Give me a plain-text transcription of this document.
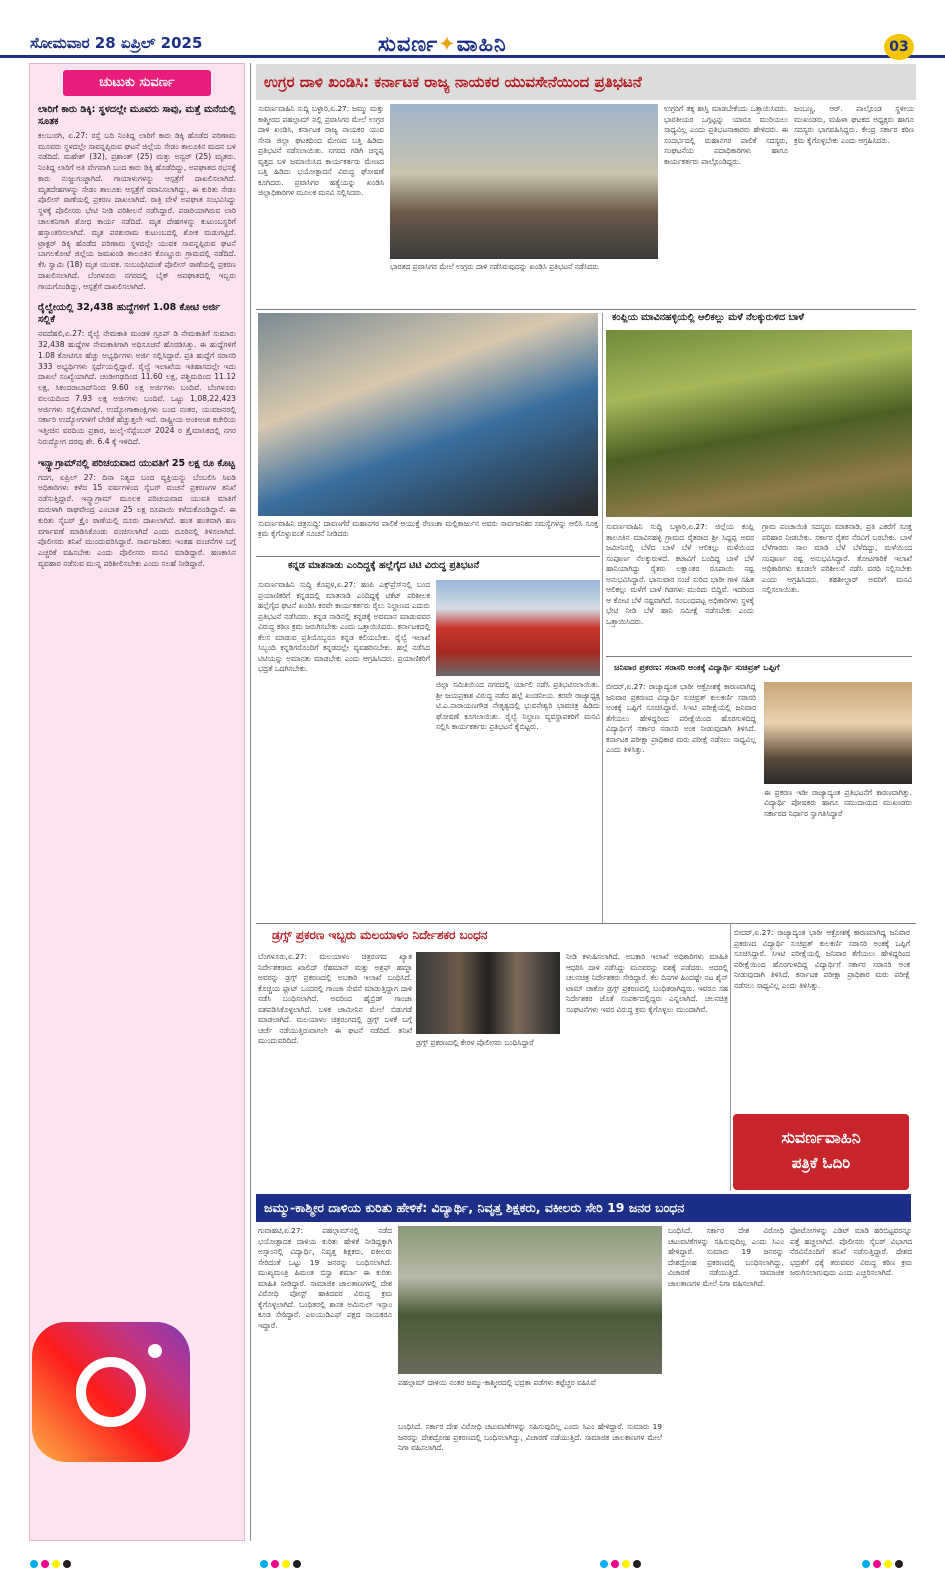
ಸೋಮವಾರ 28 ಏಪ್ರಿಲ್ 2025	ಸುವರ್ಣ✦ವಾಹಿನಿ	03
ಚುಟುಕು ಸುವರ್ಣ
ಲಾರಿಗೆ ಕಾರು ಡಿಕ್ಕಿ: ಸ್ಥಳದಲ್ಲೇ ಮೂವರು ಸಾವು, ಮತ್ತೆ ಮನೆಯಲ್ಲಿ ಸೂತಕ
ಕಲಬುರಗಿ, ಏ.27: ರಸ್ತೆ ಬದಿ ನಿಂತಿದ್ದ ಲಾರಿಗೆ ಕಾರು ಡಿಕ್ಕಿ ಹೊಡೆದ ಪರಿಣಾಮ ಮೂವರು ಸ್ಥಳದಲ್ಲೇ ಸಾವನ್ನಪ್ಪಿರುವ ಘಟನೆ ಜಿಲ್ಲೆಯ ಸೇಡಂ ತಾಲೂಕಿನ ಮದನ ಬಳಿ ನಡೆದಿದೆ. ಮಹೇಶ್ (32), ಪ್ರಶಾಂತ್ (25) ಮತ್ತು ಅನ್ವರ್ (25) ಮೃತರು. ನಿಂತಿದ್ದ ಲಾರಿಗೆ ಅತಿ ವೇಗವಾಗಿ ಬಂದ ಕಾರು ಡಿಕ್ಕಿ ಹೊಡೆದಿದ್ದು, ಅಪಘಾತದ ರಭಸಕ್ಕೆ ಕಾರು ನುಜ್ಜುಗುಜ್ಜಾಗಿದೆ. ಗಾಯಾಳುಗಳನ್ನು ಆಸ್ಪತ್ರೆಗೆ ದಾಖಲಿಸಲಾಗಿದೆ. ಮೃತದೇಹಗಳನ್ನು ಸೇಡಂ ತಾಲೂಕು ಆಸ್ಪತ್ರೆಗೆ ರವಾನಿಸಲಾಗಿದ್ದು, ಈ ಕುರಿತು ಸೇಡಂ ಪೊಲೀಸ್ ಠಾಣೆಯಲ್ಲಿ ಪ್ರಕರಣ ದಾಖಲಾಗಿದೆ. ರಾತ್ರಿ ವೇಳೆ ಅಪಘಾತ ಸಂಭವಿಸಿದ್ದು ಸ್ಥಳಕ್ಕೆ ಪೊಲೀಸರು ಭೇಟಿ ನೀಡಿ ಪರಿಶೀಲನೆ ನಡೆಸಿದ್ದಾರೆ. ಪರಾರಿಯಾಗಿರುವ ಲಾರಿ ಚಾಲಕನಿಗಾಗಿ ಶೋಧ ಕಾರ್ಯ ನಡೆದಿದೆ. ಮೃತ ದೇಹಗಳನ್ನು ಕುಟುಂಬಸ್ಥರಿಗೆ ಹಸ್ತಾಂತರಿಸಲಾಗಿದೆ. ಮೃತ ಪರಶುರಾಮ ಕುಟುಂಬದಲ್ಲಿ ಶೋಕ ಮಡುಗಟ್ಟಿದೆ. ಟ್ರಾಕ್ಟರ್ ಡಿಕ್ಕಿ ಹೊಡೆದ ಪರಿಣಾಮ ಸ್ಥಳದಲ್ಲೇ ಯುವಕ ಸಾವನ್ನಪ್ಪಿರುವ ಘಟನೆ ಬಾಗಲಕೋಟೆ ಜಿಲ್ಲೆಯ ಜಮಖಂಡಿ ತಾಲೂಕಿನ ಕೊಣ್ಣೂರು ಗ್ರಾಮದಲ್ಲಿ ನಡೆದಿದೆ. ಕೆಸಿ ಸ್ವಾಮಿ (18) ಮೃತ ಯುವಕ. ಸಂಬಂಧಿಸಿದಂತೆ ಪೊಲೀಸ್ ಠಾಣೆಯಲ್ಲಿ ಪ್ರಕರಣ ದಾಖಲಿಸಲಾಗಿದೆ. ಬೆಂಗಳೂರು ನಗರದಲ್ಲಿ ಬೈಕ್ ಅಪಘಾತದಲ್ಲಿ ಇಬ್ಬರು ಗಾಯಗೊಂಡಿದ್ದು, ಆಸ್ಪತ್ರೆಗೆ ದಾಖಲಿಸಲಾಗಿದೆ.
ರೈಲ್ವೇಯಲ್ಲಿ 32,438 ಹುದ್ದೆಗಳಿಗೆ 1.08 ಕೋಟಿ ಅರ್ಜಿ ಸಲ್ಲಿಕೆ
ನವದೆಹಲಿ,ಏ.27: ರೈಲ್ವೆ ನೇಮಕಾತಿ ಮಂಡಳಿ ಗ್ರೂಪ್ ಡಿ ನೇಮಕಾತಿಗೆ ಸುಮಾರು 32,438 ಹುದ್ದೆಗಳ ನೇಮಕಾತಿಗಾಗಿ ಅಧಿಸೂಚನೆ ಹೊರಡಿಸಿತ್ತು. ಈ ಹುದ್ದೆಗಳಿಗೆ 1.08 ಕೋಟಿಗೂ ಹೆಚ್ಚು ಅಭ್ಯರ್ಥಿಗಳು ಅರ್ಜಿ ಸಲ್ಲಿಸಿದ್ದಾರೆ. ಪ್ರತಿ ಹುದ್ದೆಗೆ ಸರಾಸರಿ 333 ಅಭ್ಯರ್ಥಿಗಳು ಸ್ಪರ್ಧೆಯಲ್ಲಿದ್ದಾರೆ. ರೈಲ್ವೆ ಇಲಾಖೆಯ ಇತಿಹಾಸದಲ್ಲೇ ಇದು ದಾಖಲೆ ಸಂಖ್ಯೆಯಾಗಿದೆ. ಚಂಡೀಗಢದಿಂದ 11.60 ಲಕ್ಷ, ಪಶ್ಚಿಮದಿಂದ 11.12 ಲಕ್ಷ, ಸಿಕಂದರಾಬಾದ್‌ನಿಂದ 9.60 ಲಕ್ಷ ಅರ್ಜಿಗಳು ಬಂದಿವೆ. ಬೆಂಗಳೂರು ವಲಯದಿಂದ 7.93 ಲಕ್ಷ ಅರ್ಜಿಗಳು ಬಂದಿವೆ. ಒಟ್ಟು 1,08,22,423 ಅರ್ಜಿಗಳು ಸಲ್ಲಿಕೆಯಾಗಿವೆ. ಉದ್ಯೋಗಾಕಾಂಕ್ಷಿಗಳು ಬಂದ ನಂತರ, ಯುವಜನರಲ್ಲಿ ಸರ್ಕಾರಿ ಉದ್ಯೋಗಗಳಿಗೆ ಬೇಡಿಕೆ ಹೆಚ್ಚುತ್ತಲೇ ಇದೆ. ರಾಷ್ಟ್ರೀಯ ಅಂಕಿಅಂಶ ಕಚೇರಿಯ ಇತ್ತೀಚಿನ ವರದಿಯ ಪ್ರಕಾರ, ಜುಲೈ-ಸೆಪ್ಟೆಂಬರ್ 2024 ರ ತ್ರೈಮಾಸಿಕದಲ್ಲಿ ನಗರ ನಿರುದ್ಯೋಗ ದರವು ಶೇ. 6.4 ಕ್ಕೆ ಇಳಿದಿದೆ.
ಇನ್ಸ್ಟಾಗ್ರಾಮ್‌ನಲ್ಲಿ ಪರಿಚಯವಾದ ಯುವತಿಗೆ 25 ಲಕ್ಷ ರೂ ಕೊಟ್ಟ
ಗದಗ, ಏಪ್ರಿಲ್ 27: ದಿನಾ ನಿತ್ಯದ ಬಂದ ವ್ಯಕ್ತಿಯನ್ನು ಬೆಂಬಲಿಸಿ ಸಿಐಡಿ ಅಧಿಕಾರಿಗಳು ಕಳೆದ 15 ವರ್ಷಗಳಿಂದ ಸೈಬರ್ ವಂಚನೆ ಪ್ರಕರಣಗಳ ತನಿಖೆ ನಡೆಸುತ್ತಿದ್ದಾರೆ. ಇನ್ಸ್ಟಾಗ್ರಾಮ್ ಮೂಲಕ ಪರಿಚಯವಾದ ಯುವತಿ ಮಾತಿಗೆ ಮರುಳಾಗಿ ರಾಘವೇಂದ್ರ ಎಂಬಾತ 25 ಲಕ್ಷ ರೂಪಾಯಿ ಕಳೆದುಕೊಂಡಿದ್ದಾನೆ. ಈ ಕುರಿತು ಸೈಬರ್ ಕ್ರೈಂ ಠಾಣೆಯಲ್ಲಿ ದೂರು ದಾಖಲಾಗಿದೆ. ಹಂತ ಹಂತವಾಗಿ ಹಣ ವರ್ಗಾವಣೆ ಮಾಡಿಸಿಕೊಂಡು ವಂಚಿಸಲಾಗಿದೆ ಎಂದು ದೂರಿನಲ್ಲಿ ತಿಳಿಸಲಾಗಿದೆ. ಪೊಲೀಸರು ತನಿಖೆ ಮುಂದುವರಿಸಿದ್ದಾರೆ. ಸಾರ್ವಜನಿಕರು ಇಂತಹ ವಂಚನೆಗಳ ಬಗ್ಗೆ ಎಚ್ಚರಿಕೆ ವಹಿಸಬೇಕು ಎಂದು ಪೊಲೀಸರು ಮನವಿ ಮಾಡಿದ್ದಾರೆ. ಹಣಕಾಸಿನ ವ್ಯವಹಾರ ನಡೆಸುವ ಮುನ್ನ ಪರಿಶೀಲಿಸಬೇಕು ಎಂದು ಸಲಹೆ ನೀಡಿದ್ದಾರೆ.
ಉಗ್ರರ ದಾಳಿ ಖಂಡಿಸಿ: ಕರ್ನಾಟಕ ರಾಜ್ಯ ನಾಯಕರ ಯುವಸೇನೆಯಿಂದ ಪ್ರತಿಭಟನೆ
ಸುವರ್ಣವಾಹಿನಿ ಸುದ್ದಿ ಬಳ್ಳಾರಿ,ಏ.27: ಜಮ್ಮು ಮತ್ತು ಕಾಶ್ಮೀರದ ಪಹಲ್ಗಾಮ್ ನಲ್ಲಿ ಪ್ರವಾಸಿಗರ ಮೇಲೆ ಉಗ್ರರ ದಾಳಿ ಖಂಡಿಸಿ, ಕರ್ನಾಟಕ ರಾಜ್ಯ ನಾಯಕರ ಯುವ ಸೇನಾ ಜಿಲ್ಲಾ ಘಟಕದಿಂದ ಮೇಣದ ಬತ್ತಿ ಹಿಡಿದು ಪ್ರತಿಭಟನೆ ನಡೆಸಲಾಯಿತು. ನಗರದ ಗಡಿಗಿ ಚನ್ನಪ್ಪ ವೃತ್ತದ ಬಳಿ ಜಮಾಯಿಸಿದ ಕಾರ್ಯಕರ್ತರು ಮೇಣದ ಬತ್ತಿ ಹಿಡಿದು ಭಯೋತ್ಪಾದನೆ ವಿರುದ್ಧ ಘೋಷಣೆ ಕೂಗಿದರು. ಪ್ರವಾಸಿಗರ ಹತ್ಯೆಯನ್ನು ಖಂಡಿಸಿ ಜಿಲ್ಲಾಧಿಕಾರಿಗಳ ಮೂಲಕ ಮನವಿ ಸಲ್ಲಿಸಿದರು.
ಭಾರತದ ಪ್ರವಾಸಿಗರ ಮೇಲೆ ಉಗ್ರರು ದಾಳಿ ನಡೆಸಿರುವುದನ್ನು ಖಂಡಿಸಿ ಪ್ರತಿಭಟನೆ ನಡೆಸಿದರು
ಉಗ್ರರಿಗೆ ತಕ್ಕ ಶಾಸ್ತಿ ಮಾಡಬೇಕೆಂದು ಒತ್ತಾಯಿಸಿದರು. ಭಾರತೀಯರ ಒಗ್ಗಟ್ಟನ್ನು ಯಾರೂ ಮುರಿಯಲು ಸಾಧ್ಯವಿಲ್ಲ ಎಂದು ಪ್ರತಿಭಟನಾಕಾರರು ಹೇಳಿದರು. ಈ ಸಂದರ್ಭದಲ್ಲಿ ಮಹಾನಗರ ಪಾಲಿಕೆ ಸದಸ್ಯರು, ಸಂಘಟನೆಯ ಪದಾಧಿಕಾರಿಗಳು ಹಾಗೂ ಕಾರ್ಯಕರ್ತರು ಪಾಲ್ಗೊಂಡಿದ್ದರು.
ಜಂಬಣ್ಣ, ಆರ್. ಪಾಲ್ಗೊಂಡ ಸ್ಥಳೀಯ ಮುಖಂಡರು, ಮಹಿಳಾ ಘಟಕದ ಅಧ್ಯಕ್ಷರು ಹಾಗೂ ಸದಸ್ಯರು ಭಾಗವಹಿಸಿದ್ದರು. ಕೇಂದ್ರ ಸರ್ಕಾರ ಕಠಿಣ ಕ್ರಮ ಕೈಗೊಳ್ಳಬೇಕು ಎಂದು ಆಗ್ರಹಿಸಿದರು.
ಸುವರ್ಣವಾಹಿನಿ ಚಿತ್ರಸುದ್ದಿ: ದಾವಣಗೆರೆ ಮಹಾನಗರ ಪಾಲಿಕೆ ಆಯುಕ್ತೆ ರೇಣುಕಾ ಮಲ್ಲಿಕಾರ್ಜುನ ಅವರು ಸಾರ್ವಜನಿಕರ ಸಮಸ್ಯೆಗಳನ್ನು ಆಲಿಸಿ ಸೂಕ್ತ ಕ್ರಮ ಕೈಗೊಳ್ಳುವಂತೆ ಸೂಚನೆ ನೀಡಿದರು
ಕಂಪ್ಲಿಯ ಮಾವಿನಹಳ್ಳಿಯಲ್ಲಿ ಆಲಿಕಲ್ಲು ಮಳೆ ನೆಲಕ್ಕುರುಳಿದ ಬಾಳೆ
ಸುವರ್ಣವಾಹಿನಿ ಸುದ್ದಿ ಬಳ್ಳಾರಿ,ಏ.27: ಜಿಲ್ಲೆಯ ಕಂಪ್ಲಿ ತಾಲೂಕಿನ ಮಾವಿನಹಳ್ಳಿ ಗ್ರಾಮದ ರೈತರಾದ ಶ್ರೀ ಸಿದ್ದಪ್ಪ ಅವರ ಜಮೀನಿನಲ್ಲಿ ಬೆಳೆದ ಬಾಳೆ ಬೆಳೆ ಆಲಿಕಲ್ಲು ಮಳೆಯಿಂದ ಸಂಪೂರ್ಣ ನೆಲಕ್ಕುರುಳಿದೆ. ಕಟಾವಿಗೆ ಬಂದಿದ್ದ ಬಾಳೆ ಬೆಳೆ ಹಾನಿಯಾಗಿದ್ದು ರೈತರು ಲಕ್ಷಾಂತರ ರೂಪಾಯಿ ನಷ್ಟ ಅನುಭವಿಸಿದ್ದಾರೆ. ಭಾನುವಾರ ಸಂಜೆ ಸುರಿದ ಭಾರೀ ಗಾಳಿ ಸಹಿತ ಆಲಿಕಲ್ಲು ಮಳೆಗೆ ಬಾಳೆ ಗಿಡಗಳು ಮುರಿದು ಬಿದ್ದಿವೆ. ಇದರಿಂದ ಆ ಕೋಟಿ ಬೆಳೆ ನಷ್ಟವಾಗಿದೆ. ಸಂಬಂಧಪಟ್ಟ ಅಧಿಕಾರಿಗಳು ಸ್ಥಳಕ್ಕೆ ಭೇಟಿ ನೀಡಿ ಬೆಳೆ ಹಾನಿ ಸಮೀಕ್ಷೆ ನಡೆಸಬೇಕು ಎಂದು ಒತ್ತಾಯಿಸಿದರು.
ಗ್ರಾಮ ಪಂಚಾಯಿತಿ ಸದಸ್ಯರು ಮಾತನಾಡಿ, ಪ್ರತಿ ಎಕರೆಗೆ ಸೂಕ್ತ ಪರಿಹಾರ ನೀಡಬೇಕು. ಸರ್ಕಾರ ರೈತರ ನೆರವಿಗೆ ಬರಬೇಕು. ಬಾಳೆ ಬೆಳೆಗಾರರು ಸಾಲ ಮಾಡಿ ಬೆಳೆ ಬೆಳೆದಿದ್ದು, ಮಳೆಯಿಂದ ಸಂಪೂರ್ಣ ನಷ್ಟ ಅನುಭವಿಸಿದ್ದಾರೆ. ತೋಟಗಾರಿಕೆ ಇಲಾಖೆ ಅಧಿಕಾರಿಗಳು ಕೂಡಲೇ ಪರಿಶೀಲನೆ ನಡೆಸಿ ವರದಿ ಸಲ್ಲಿಸಬೇಕು ಎಂದು ಆಗ್ರಹಿಸಿದರು. ತಹಶೀಲ್ದಾರ್ ಅವರಿಗೆ ಮನವಿ ಸಲ್ಲಿಸಲಾಯಿತು.
ಕನ್ನಡ ಮಾತನಾಡು ಎಂದಿದ್ದಕ್ಕೆ ಹಲ್ಲೆಗೈದ ಟಿಟಿ ವಿರುದ್ಧ ಪ್ರತಿಭಟನೆ
ಸುವರ್ಣವಾಹಿನಿ ಸುದ್ದಿ ಕೊಪ್ಪಳ,ಏ.27: ಹಂಪಿ ಎಕ್ಸ್‌ಪ್ರೆಸ್‌ನಲ್ಲಿ ಬಂದ ಪ್ರಯಾಣಿಕರಿಗೆ ಕನ್ನಡದಲ್ಲಿ ಮಾತನಾಡಿ ಎಂದಿದ್ದಕ್ಕೆ ಟಿಕೆಟ್ ಪರಿಶೀಲಕ ಹಲ್ಲೆಗೈದ ಘಟನೆ ಖಂಡಿಸಿ ಕರವೇ ಕಾರ್ಯಕರ್ತರು ರೈಲು ನಿಲ್ದಾಣದ ಎದುರು ಪ್ರತಿಭಟನೆ ನಡೆಸಿದರು. ಕನ್ನಡ ನಾಡಿನಲ್ಲಿ ಕನ್ನಡಕ್ಕೆ ಅವಮಾನ ಮಾಡುವವರ ವಿರುದ್ಧ ಕಠಿಣ ಕ್ರಮ ಜರುಗಿಸಬೇಕು ಎಂದು ಒತ್ತಾಯಿಸಿದರು. ಕರ್ನಾಟಕದಲ್ಲಿ ಕೆಲಸ ಮಾಡುವ ಪ್ರತಿಯೊಬ್ಬರೂ ಕನ್ನಡ ಕಲಿಯಬೇಕು. ರೈಲ್ವೆ ಇಲಾಖೆ ಸಿಬ್ಬಂದಿ ಕನ್ನಡಿಗರೊಂದಿಗೆ ಕನ್ನಡದಲ್ಲೇ ವ್ಯವಹರಿಸಬೇಕು. ಹಲ್ಲೆ ನಡೆಸಿದ ಟಿಟಿಯನ್ನು ಅಮಾನತು ಮಾಡಬೇಕು ಎಂದು ಆಗ್ರಹಿಸಿದರು. ಪ್ರಯಾಣಿಕರಿಗೆ ಭದ್ರತೆ ಒದಗಿಸಬೇಕು.
ಜಿಲ್ಲಾ ಸಮಿತಿಯಿಂದ ನಗರದಲ್ಲಿ ರ್ಯಾಲಿ ನಡೆಸಿ ಪ್ರತಿಭಟಿಸಲಾಯಿತು. ಶ್ರೀ ಜಯಪ್ರಕಾಶ ವಿರುದ್ಧ ನಡೆದ ಹಲ್ಲೆ ಖಂಡನೀಯ. ಕರವೇ ರಾಜ್ಯಾಧ್ಯಕ್ಷ ಟಿ.ಎ.ನಾರಾಯಣಗೌಡ ನೇತೃತ್ವದಲ್ಲಿ ಭುವನೇಶ್ವರಿ ಭಾವಚಿತ್ರ ಹಿಡಿದು ಘೋಷಣೆ ಕೂಗಲಾಯಿತು. ರೈಲ್ವೆ ನಿಲ್ದಾಣ ವ್ಯವಸ್ಥಾಪಕರಿಗೆ ಮನವಿ ಸಲ್ಲಿಸಿ ಕಾರ್ಯಕರ್ತರು ಪ್ರತಿಭಟನೆ ಕೈಬಿಟ್ಟರು.
ಜನಿವಾರ ಪ್ರಕರಣ: ಸರಾಸರಿ ಅಂಕಕ್ಕೆ ವಿದ್ಯಾರ್ಥಿ ಸುಚಿವ್ರತ್ ಒಪ್ಪಿಗೆ
ಬೀದರ್,ಏ.27: ರಾಜ್ಯಾದ್ಯಂತ ಭಾರೀ ಆಕ್ರೋಶಕ್ಕೆ ಕಾರಣವಾಗಿದ್ದ ಜನಿವಾರ ಪ್ರಕರಣದ ವಿದ್ಯಾರ್ಥಿ ಸುಚಿವ್ರತ್ ಕುಲಕರ್ಣಿ ಸರಾಸರಿ ಅಂಕಕ್ಕೆ ಒಪ್ಪಿಗೆ ಸೂಚಿಸಿದ್ದಾರೆ. ಸಿಇಟಿ ಪರೀಕ್ಷೆಯಲ್ಲಿ ಜನಿವಾರ ತೆಗೆಯಲು ಹೇಳಿದ್ದರಿಂದ ಪರೀಕ್ಷೆಯಿಂದ ಹೊರಗುಳಿದಿದ್ದ ವಿದ್ಯಾರ್ಥಿಗೆ ಸರ್ಕಾರ ಸರಾಸರಿ ಅಂಕ ನೀಡುವುದಾಗಿ ತಿಳಿಸಿದೆ. ಕರ್ನಾಟಕ ಪರೀಕ್ಷಾ ಪ್ರಾಧಿಕಾರ ಮರು ಪರೀಕ್ಷೆ ನಡೆಸಲು ಸಾಧ್ಯವಿಲ್ಲ ಎಂದು ತಿಳಿಸಿತ್ತು.
ಈ ಪ್ರಕರಣ ಇಡೀ ರಾಜ್ಯಾದ್ಯಂತ ಪ್ರತಿಭಟನೆಗೆ ಕಾರಣವಾಗಿತ್ತು. ವಿದ್ಯಾರ್ಥಿ ಪೋಷಕರು ಹಾಗೂ ಸಮುದಾಯದ ಮುಖಂಡರು ಸರ್ಕಾರದ ನಿರ್ಧಾರ ಸ್ವಾಗತಿಸಿದ್ದಾರೆ
ಡ್ರಗ್ಸ್ ಪ್ರಕರಣ ಇಬ್ಬರು ಮಲಯಾಳಂ ನಿರ್ದೇಶಕರ ಬಂಧನ
ಬೆಂಗಳೂರು,ಏ.27: ಮಲಯಾಳಂ ಚಿತ್ರರಂಗದ ಖ್ಯಾತ ನಿರ್ದೇಶಕರಾದ ಖಾಲಿದ್ ರೆಹಮಾನ್ ಮತ್ತು ಅಶ್ರಫ್ ಹಮ್ಜಾ ಅವರನ್ನು ಡ್ರಗ್ಸ್ ಪ್ರಕರಣದಲ್ಲಿ ಅಬಕಾರಿ ಇಲಾಖೆ ಬಂಧಿಸಿದೆ. ಕೊಚ್ಚಿಯ ಫ್ಲಾಟ್ ಒಂದರಲ್ಲಿ ಗಾಂಜಾ ಸೇವನೆ ಮಾಡುತ್ತಿದ್ದಾಗ ದಾಳಿ ನಡೆಸಿ ಬಂಧಿಸಲಾಗಿದೆ. ಅವರಿಂದ ಹೈಬ್ರಿಡ್ ಗಾಂಜಾ ವಶಪಡಿಸಿಕೊಳ್ಳಲಾಗಿದೆ. ಬಳಿಕ ಜಾಮೀನಿನ ಮೇಲೆ ಬಿಡುಗಡೆ ಮಾಡಲಾಗಿದೆ. ಮಲಯಾಳಂ ಚಿತ್ರರಂಗದಲ್ಲಿ ಡ್ರಗ್ಸ್ ಬಳಕೆ ಬಗ್ಗೆ ಚರ್ಚೆ ನಡೆಯುತ್ತಿರುವಾಗಲೇ ಈ ಘಟನೆ ನಡೆದಿದೆ. ತನಿಖೆ ಮುಂದುವರಿದಿದೆ.	ಡ್ರಗ್ಸ್ ಪ್ರಕರಣದಲ್ಲಿ ಕೇರಳ ಪೊಲೀಸರು ಬಂಧಿಸಿದ್ದಾರೆ
ನೀಡಿ ಕಳುಹಿಸಲಾಗಿದೆ. ಅಬಕಾರಿ ಇಲಾಖೆ ಅಧಿಕಾರಿಗಳು ಮಾಹಿತಿ ಆಧರಿಸಿ ದಾಳಿ ನಡೆಸಿದ್ದು ಮೂವರನ್ನು ವಶಕ್ಕೆ ಪಡೆದರು. ಅದರಲ್ಲಿ ಚಲನಚಿತ್ರ ನಿರ್ದೇಶಕರು ಸೇರಿದ್ದಾರೆ. ಕೆಲ ದಿನಗಳ ಹಿಂದಷ್ಟೇ ನಟ ಶೈನ್ ಟಾಮ್ ಚಾಕೋ ಡ್ರಗ್ಸ್ ಪ್ರಕರಣದಲ್ಲಿ ಬಂಧಿತರಾಗಿದ್ದರು. ಇವರೂ ಸಹ ನಿರ್ದೇಶಕರ ಜೊತೆ ಸಂಪರ್ಕದಲ್ಲಿದ್ದರು ಎನ್ನಲಾಗಿದೆ. ಚಲನಚಿತ್ರ ಸಂಘಟನೆಗಳು ಇವರ ವಿರುದ್ಧ ಕ್ರಮ ಕೈಗೊಳ್ಳಲು ಮುಂದಾಗಿವೆ.
ಬೀದರ್,ಏ.27: ರಾಜ್ಯಾದ್ಯಂತ ಭಾರೀ ಆಕ್ರೋಶಕ್ಕೆ ಕಾರಣವಾಗಿದ್ದ ಜನಿವಾರ ಪ್ರಕರಣದ ವಿದ್ಯಾರ್ಥಿ ಸುಚಿವ್ರತ್ ಕುಲಕರ್ಣಿ ಸರಾಸರಿ ಅಂಕಕ್ಕೆ ಒಪ್ಪಿಗೆ ಸೂಚಿಸಿದ್ದಾರೆ. ಸಿಇಟಿ ಪರೀಕ್ಷೆಯಲ್ಲಿ ಜನಿವಾರ ತೆಗೆಯಲು ಹೇಳಿದ್ದರಿಂದ ಪರೀಕ್ಷೆಯಿಂದ ಹೊರಗುಳಿದಿದ್ದ ವಿದ್ಯಾರ್ಥಿಗೆ ಸರ್ಕಾರ ಸರಾಸರಿ ಅಂಕ ನೀಡುವುದಾಗಿ ತಿಳಿಸಿದೆ. ಕರ್ನಾಟಕ ಪರೀಕ್ಷಾ ಪ್ರಾಧಿಕಾರ ಮರು ಪರೀಕ್ಷೆ ನಡೆಸಲು ಸಾಧ್ಯವಿಲ್ಲ ಎಂದು ತಿಳಿಸಿತ್ತು.
ಸುವರ್ಣವಾಹಿನಿ
ಪತ್ರಿಕೆ ಓದಿರಿ
ಜಮ್ಮು-ಕಾಶ್ಮೀರ ದಾಳಿಯ ಕುರಿತು ಹೇಳಿಕೆ: ವಿದ್ಯಾರ್ಥಿ, ನಿವೃತ್ತ ಶಿಕ್ಷಕರು, ವಕೀಲರು ಸೇರಿ 19 ಜನರ ಬಂಧನ
ಗುವಾಹಟಿ,ಏ.27: ಪಹಲ್ಗಾಮ್‌ನಲ್ಲಿ ನಡೆದ ಭಯೋತ್ಪಾದಕ ದಾಳಿಯ ಕುರಿತು ಹೇಳಿಕೆ ನೀಡಿದ್ದಕ್ಕಾಗಿ ಅಸ್ಸಾಂನಲ್ಲಿ ವಿದ್ಯಾರ್ಥಿ, ನಿವೃತ್ತ ಶಿಕ್ಷಕರು, ವಕೀಲರು ಸೇರಿದಂತೆ ಒಟ್ಟು 19 ಜನರನ್ನು ಬಂಧಿಸಲಾಗಿದೆ. ಮುಖ್ಯಮಂತ್ರಿ ಹಿಮಂತ ಬಿಸ್ವಾ ಶರ್ಮಾ ಈ ಕುರಿತು ಮಾಹಿತಿ ನೀಡಿದ್ದಾರೆ. ಸಾಮಾಜಿಕ ಜಾಲತಾಣಗಳಲ್ಲಿ ದೇಶ ವಿರೋಧಿ ಪೋಸ್ಟ್ ಹಾಕಿದವರ ವಿರುದ್ಧ ಕ್ರಮ ಕೈಗೊಳ್ಳಲಾಗಿದೆ. ಬಂಧಿತರಲ್ಲಿ ಶಾಸಕ ಅಮಿನುಲ್ ಇಸ್ಲಾಂ ಕೂಡ ಸೇರಿದ್ದಾರೆ. ಎಐಯುಡಿಎಫ್ ಪಕ್ಷದ ನಾಯಕರೂ ಇದ್ದಾರೆ.
ಪಹಲ್ಗಾಮ್ ದಾಳಿಯ ನಂತರ ಜಮ್ಮು-ಕಾಶ್ಮೀರದಲ್ಲಿ ಭದ್ರತಾ ಪಡೆಗಳು ಕಟ್ಟೆಚ್ಚರ ವಹಿಸಿವೆ
ಬಂಧಿಸಿದೆ. ಸರ್ಕಾರ ದೇಶ ವಿರೋಧಿ ಚಟುವಟಿಕೆಗಳನ್ನು ಸಹಿಸುವುದಿಲ್ಲ ಎಂದು ಸಿಎಂ ಹೇಳಿದ್ದಾರೆ. ಸುಮಾರು 19 ಜನರನ್ನು ದೇಶದ್ರೋಹ ಪ್ರಕರಣದಲ್ಲಿ ಬಂಧಿಸಲಾಗಿದ್ದು, ವಿಚಾರಣೆ ನಡೆಯುತ್ತಿದೆ. ಸಾಮಾಜಿಕ ಜಾಲತಾಣಗಳ ಮೇಲೆ ನಿಗಾ ವಹಿಸಲಾಗಿದೆ.
ಫೋಟೋಗಳನ್ನು ಎಡಿಟ್ ಮಾಡಿ ಹರಿಬಿಟ್ಟವರನ್ನೂ ಪತ್ತೆ ಹಚ್ಚಲಾಗಿದೆ. ಪೊಲೀಸರು ಸೈಬರ್ ವಿಭಾಗದ ನೆರವಿನೊಂದಿಗೆ ತನಿಖೆ ನಡೆಸುತ್ತಿದ್ದಾರೆ. ದೇಶದ ಭದ್ರತೆಗೆ ಧಕ್ಕೆ ತರುವವರ ವಿರುದ್ಧ ಕಠಿಣ ಕ್ರಮ ಜರುಗಿಸಲಾಗುವುದು ಎಂದು ಎಚ್ಚರಿಸಲಾಗಿದೆ.
ಬಂಧಿಸಿದೆ. ಸರ್ಕಾರ ದೇಶ ವಿರೋಧಿ ಚಟುವಟಿಕೆಗಳನ್ನು ಸಹಿಸುವುದಿಲ್ಲ ಎಂದು ಸಿಎಂ ಹೇಳಿದ್ದಾರೆ. ಸುಮಾರು 19 ಜನರನ್ನು ದೇಶದ್ರೋಹ ಪ್ರಕರಣದಲ್ಲಿ ಬಂಧಿಸಲಾಗಿದ್ದು, ವಿಚಾರಣೆ ನಡೆಯುತ್ತಿದೆ. ಸಾಮಾಜಿಕ ಜಾಲತಾಣಗಳ ಮೇಲೆ ನಿಗಾ ವಹಿಸಲಾಗಿದೆ.
